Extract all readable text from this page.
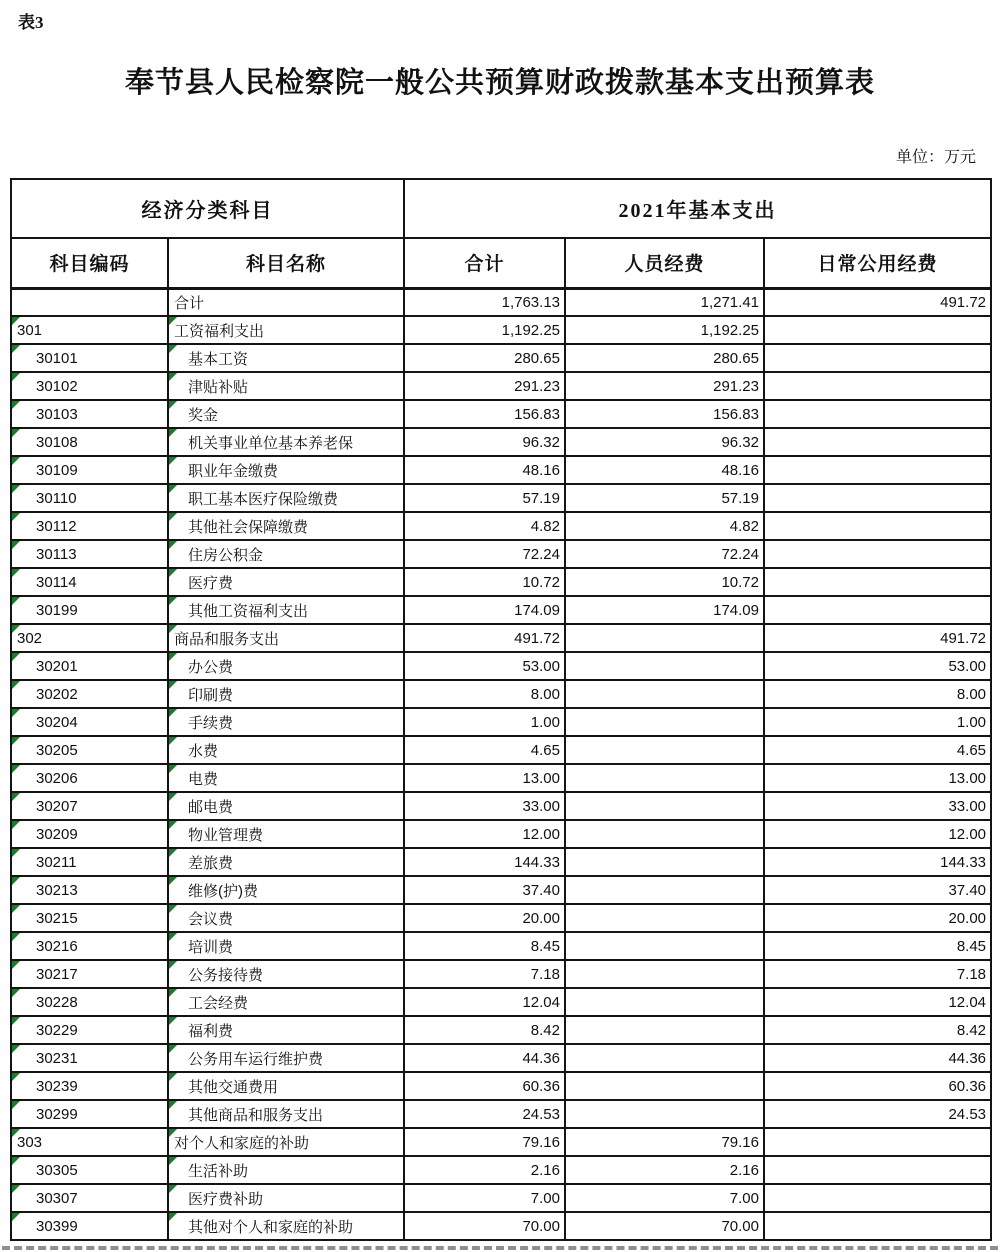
表3
奉节县人民检察院一般公共预算财政拨款基本支出预算表
单位：万元
经济分类科目		2021年基本支出		
科目编码	科目名称	合计	人员经费	日常公用经费
	合计	1,763.13	1,271.41	491.72
301	工资福利支出	1,192.25	1,192.25	
30101	基本工资	280.65	280.65	
30102	津贴补贴	291.23	291.23	
30103	奖金	156.83	156.83	
30108	机关事业单位基本养老保	96.32	96.32	
30109	职业年金缴费	48.16	48.16	
30110	职工基本医疗保险缴费	57.19	57.19	
30112	其他社会保障缴费	4.82	4.82	
30113	住房公积金	72.24	72.24	
30114	医疗费	10.72	10.72	
30199	其他工资福利支出	174.09	174.09	
302	商品和服务支出	491.72		491.72
30201	办公费	53.00		53.00
30202	印刷费	8.00		8.00
30204	手续费	1.00		1.00
30205	水费	4.65		4.65
30206	电费	13.00		13.00
30207	邮电费	33.00		33.00
30209	物业管理费	12.00		12.00
30211	差旅费	144.33		144.33
30213	维修(护)费	37.40		37.40
30215	会议费	20.00		20.00
30216	培训费	8.45		8.45
30217	公务接待费	7.18		7.18
30228	工会经费	12.04		12.04
30229	福利费	8.42		8.42
30231	公务用车运行维护费	44.36		44.36
30239	其他交通费用	60.36		60.36
30299	其他商品和服务支出	24.53		24.53
303	对个人和家庭的补助	79.16	79.16	
30305	生活补助	2.16	2.16	
30307	医疗费补助	7.00	7.00	
30399	其他对个人和家庭的补助	70.00	70.00	
